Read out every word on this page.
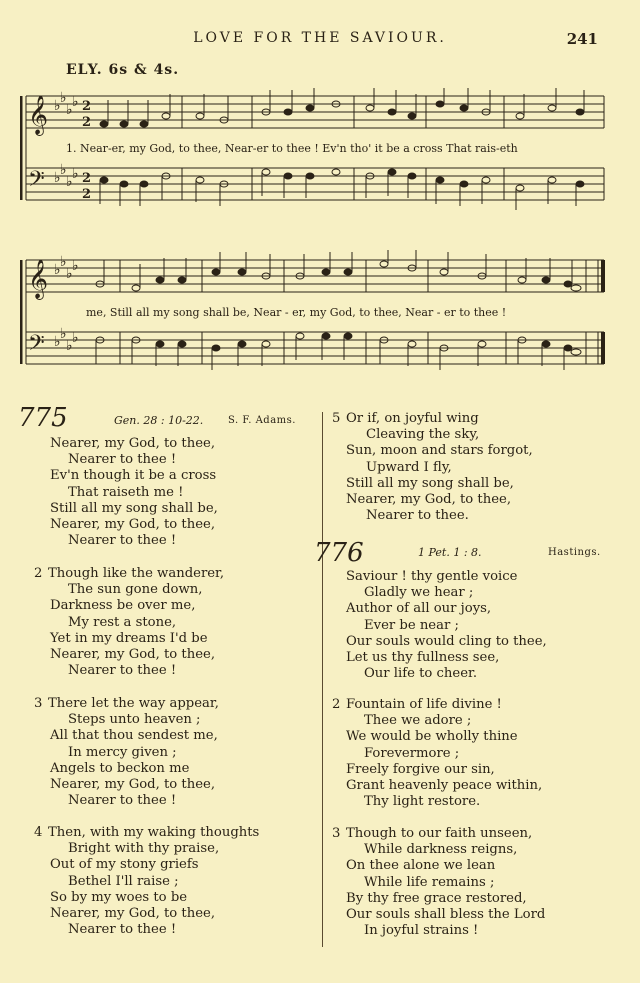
LOVE FOR THE SAVIOUR.	241
ELY. 6s & 4s.
𝄞
𝄢
♭ ♭
♭ ♭
♭ ♭
♭ ♭
2
2
2
2
1. Near-er, my God, to thee, Near-er to thee ! Ev'n tho' it be a cross That rais-eth
𝄞
𝄢
♭ ♭
♭ ♭
♭ ♭
♭ ♭
me, Still all my song shall be, Near - er, my God, to thee, Near - er to thee !
775	Gen. 28 : 10-22. S. F. Adams.
Nearer, my God, to thee,
Nearer to thee !
Ev'n though it be a cross
That raiseth me !
Still all my song shall be,
Nearer, my God, to thee,
Nearer to thee !
2 Though like the wanderer,
The sun gone down,
Darkness be over me,
My rest a stone,
Yet in my dreams I'd be
Nearer, my God, to thee,
Nearer to thee !
3 There let the way appear,
Steps unto heaven ;
All that thou sendest me,
In mercy given ;
Angels to beckon me
Nearer, my God, to thee,
Nearer to thee !
4 Then, with my waking thoughts
Bright with thy praise,
Out of my stony griefs
Bethel I'll raise ;
So by my woes to be
Nearer, my God, to thee,
Nearer to thee !
5 Or if, on joyful wing
Cleaving the sky,
Sun, moon and stars forgot,
Upward I fly,
Still all my song shall be,
Nearer, my God, to thee,
Nearer to thee.
776	1 Pet. 1 : 8.	Hastings.
Saviour ! thy gentle voice
Gladly we hear ;
Author of all our joys,
Ever be near ;
Our souls would cling to thee,
Let us thy fullness see,
Our life to cheer.
2 Fountain of life divine !
Thee we adore ;
We would be wholly thine
Forevermore ;
Freely forgive our sin,
Grant heavenly peace within,
Thy light restore.
3 Though to our faith unseen,
While darkness reigns,
On thee alone we lean
While life remains ;
By thy free grace restored,
Our souls shall bless the Lord
In joyful strains !
